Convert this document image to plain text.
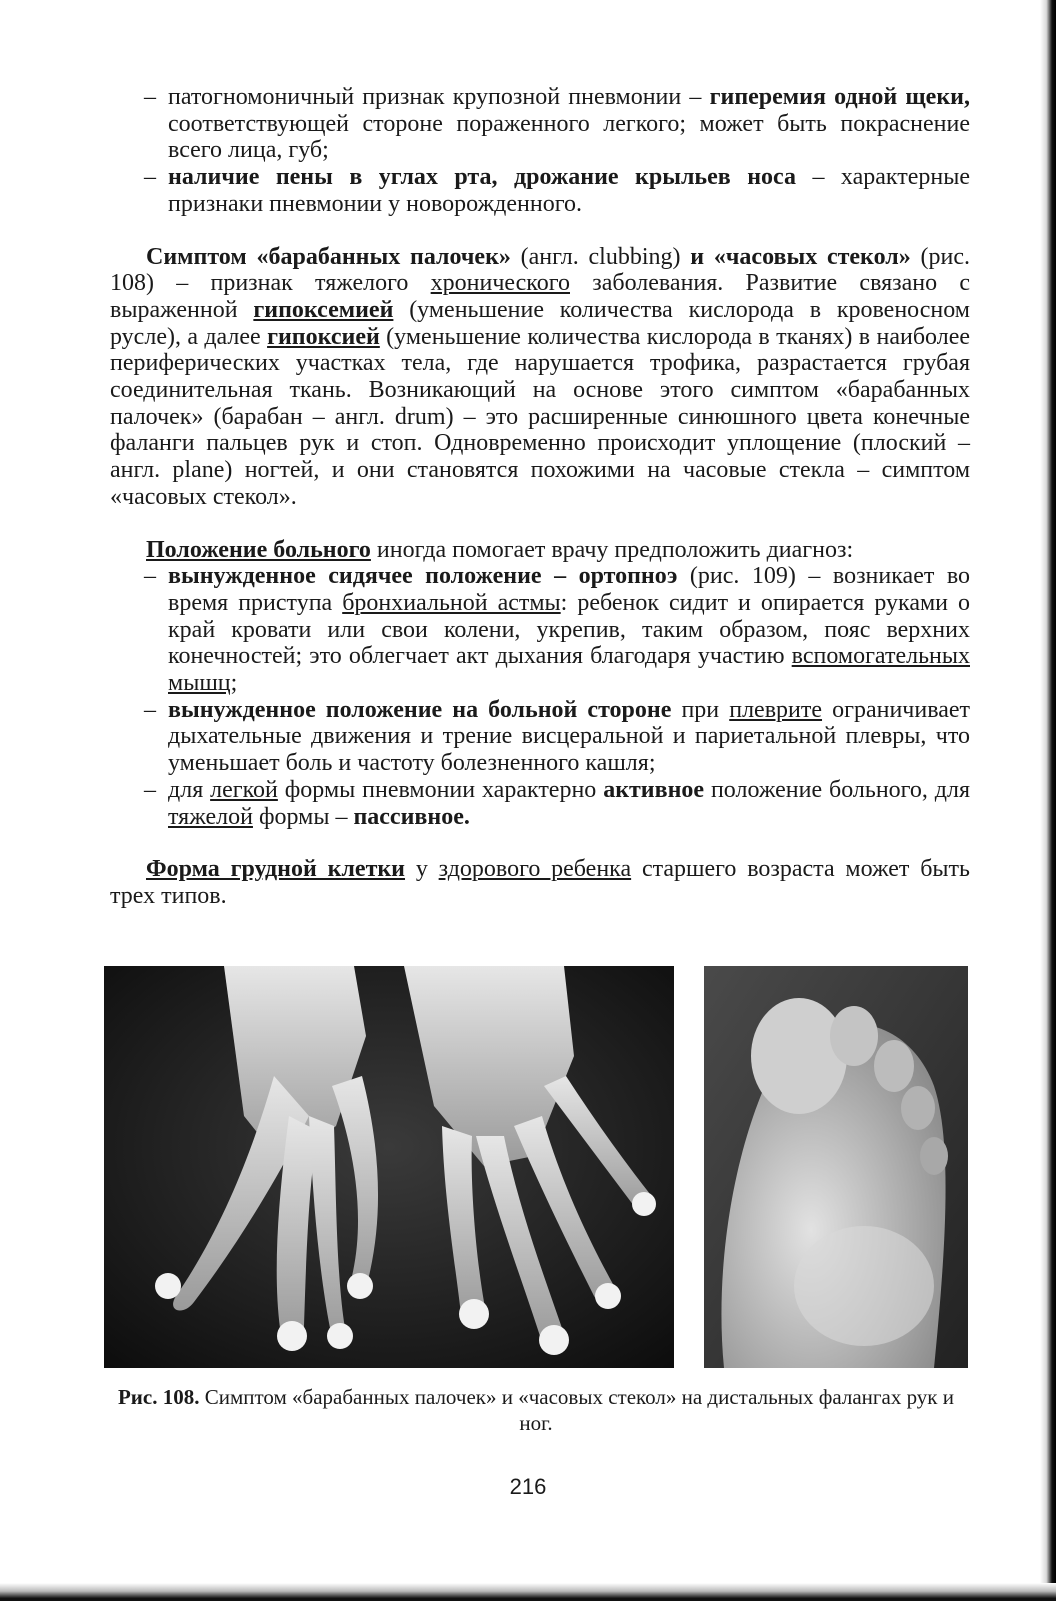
– патогномоничный признак крупозной пневмонии – гиперемия одной щеки, соответствующей стороне пораженного легкого; может быть покраснение всего лица, губ;

– наличие пены в углах рта, дрожание крыльев носа – характерные признаки пневмонии у новорожденного.

Симптом «барабанных палочек» (англ. clubbing) и «часовых стекол» (рис. 108) – признак тяжелого хронического заболевания. Развитие связано с выраженной гипоксемией (уменьшение количества кислорода в кровеносном русле), а далее гипоксией (уменьшение количества кислорода в тканях) в наиболее периферических участках тела, где нарушается трофика, разрастается грубая соединительная ткань. Возникающий на основе этого симптом «барабанных палочек» (барабан – англ. drum) – это расширенные синюшного цвета конечные фаланги пальцев рук и стоп. Одновременно происходит уплощение (плоский – англ. plane) ногтей, и они становятся похожими на часовые стекла – симптом «часовых стекол».

Положение больного иногда помогает врачу предположить диагноз:

– вынужденное сидячее положение – ортопноэ (рис. 109) – возникает во время приступа бронхиальной астмы: ребенок сидит и опирается руками о край кровати или свои колени, укрепив, таким образом, пояс верхних конечностей; это облегчает акт дыхания благодаря участию вспомогательных мышц;

– вынужденное положение на больной стороне при плеврите ограничивает дыхательные движения и трение висцеральной и париетальной плевры, что уменьшает боль и частоту болезненного кашля;

– для легкой формы пневмонии характерно активное положение больного, для тяжелой формы – пассивное.

Форма грудной клетки у здорового ребенка старшего возраста может быть трех типов.

Рис. 108. Симптом «барабанных палочек» и «часовых стекол» на дистальных фалангах рук и ног.
216
